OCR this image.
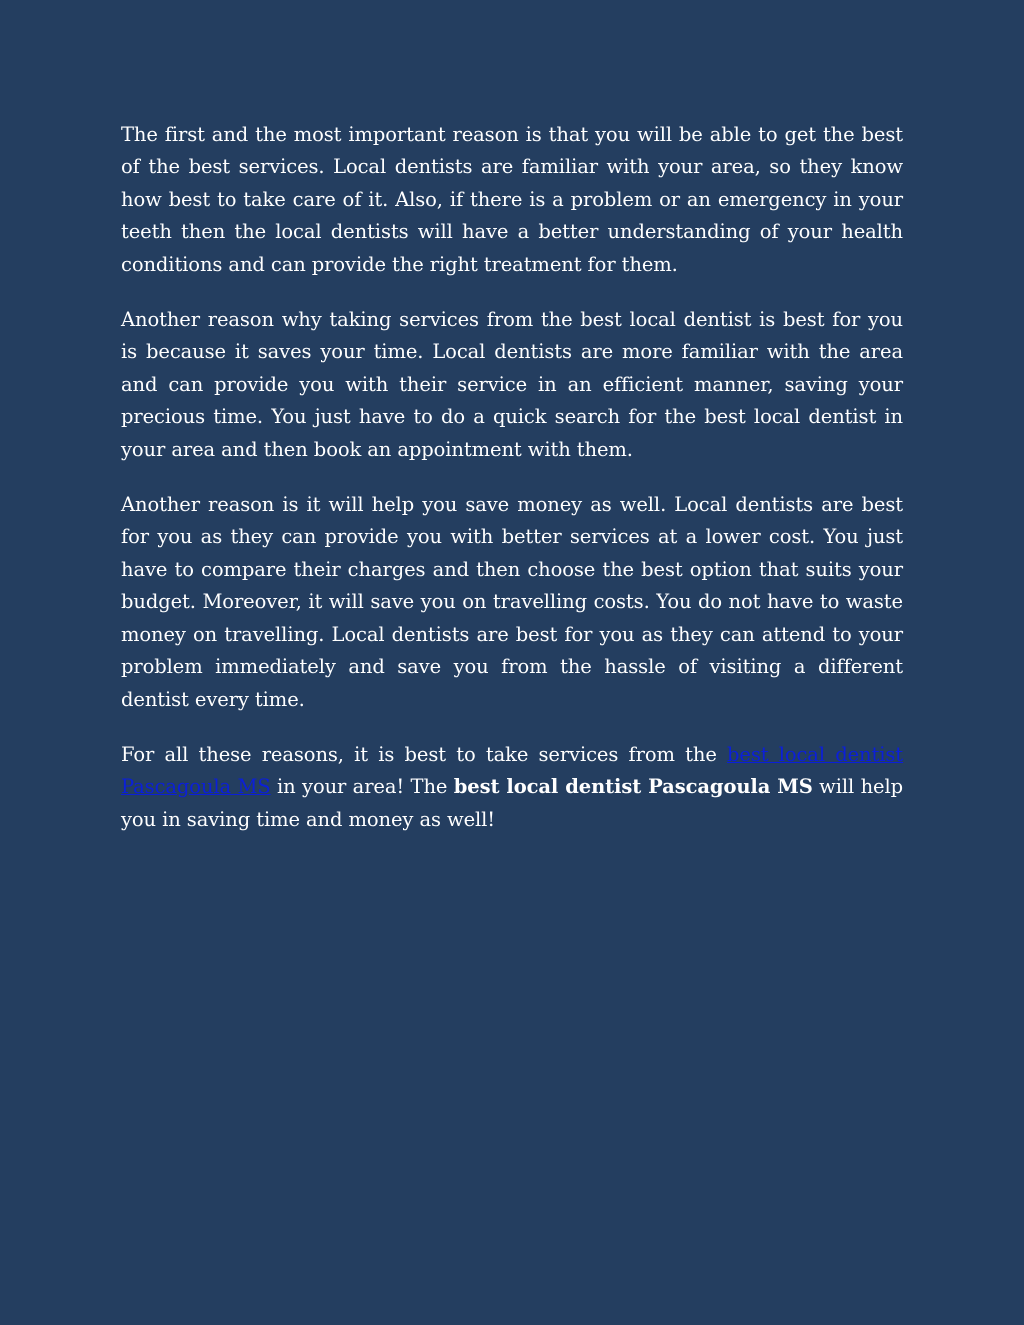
The first and the most important reason is that you will be able to get the best of the best services. Local dentists are familiar with your area, so they know how best to take care of it. Also, if there is a problem or an emergency in your teeth then the local dentists will have a better understanding of your health conditions and can provide the right treatment for them.

Another reason why taking services from the best local dentist is best for you is because it saves your time. Local dentists are more familiar with the area and can provide you with their service in an efficient manner, saving your precious time. You just have to do a quick search for the best local dentist in your area and then book an appointment with them.

Another reason is it will help you save money as well. Local dentists are best for you as they can provide you with better services at a lower cost. You just have to compare their charges and then choose the best option that suits your budget. Moreover, it will save you on travelling costs. You do not have to waste money on travelling. Local dentists are best for you as they can attend to your problem immediately and save you from the hassle of visiting a different dentist every time.

For all these reasons, it is best to take services from the best local dentist Pascagoula MS in your area! The best local dentist Pascagoula MS will help you in saving time and money as well!
